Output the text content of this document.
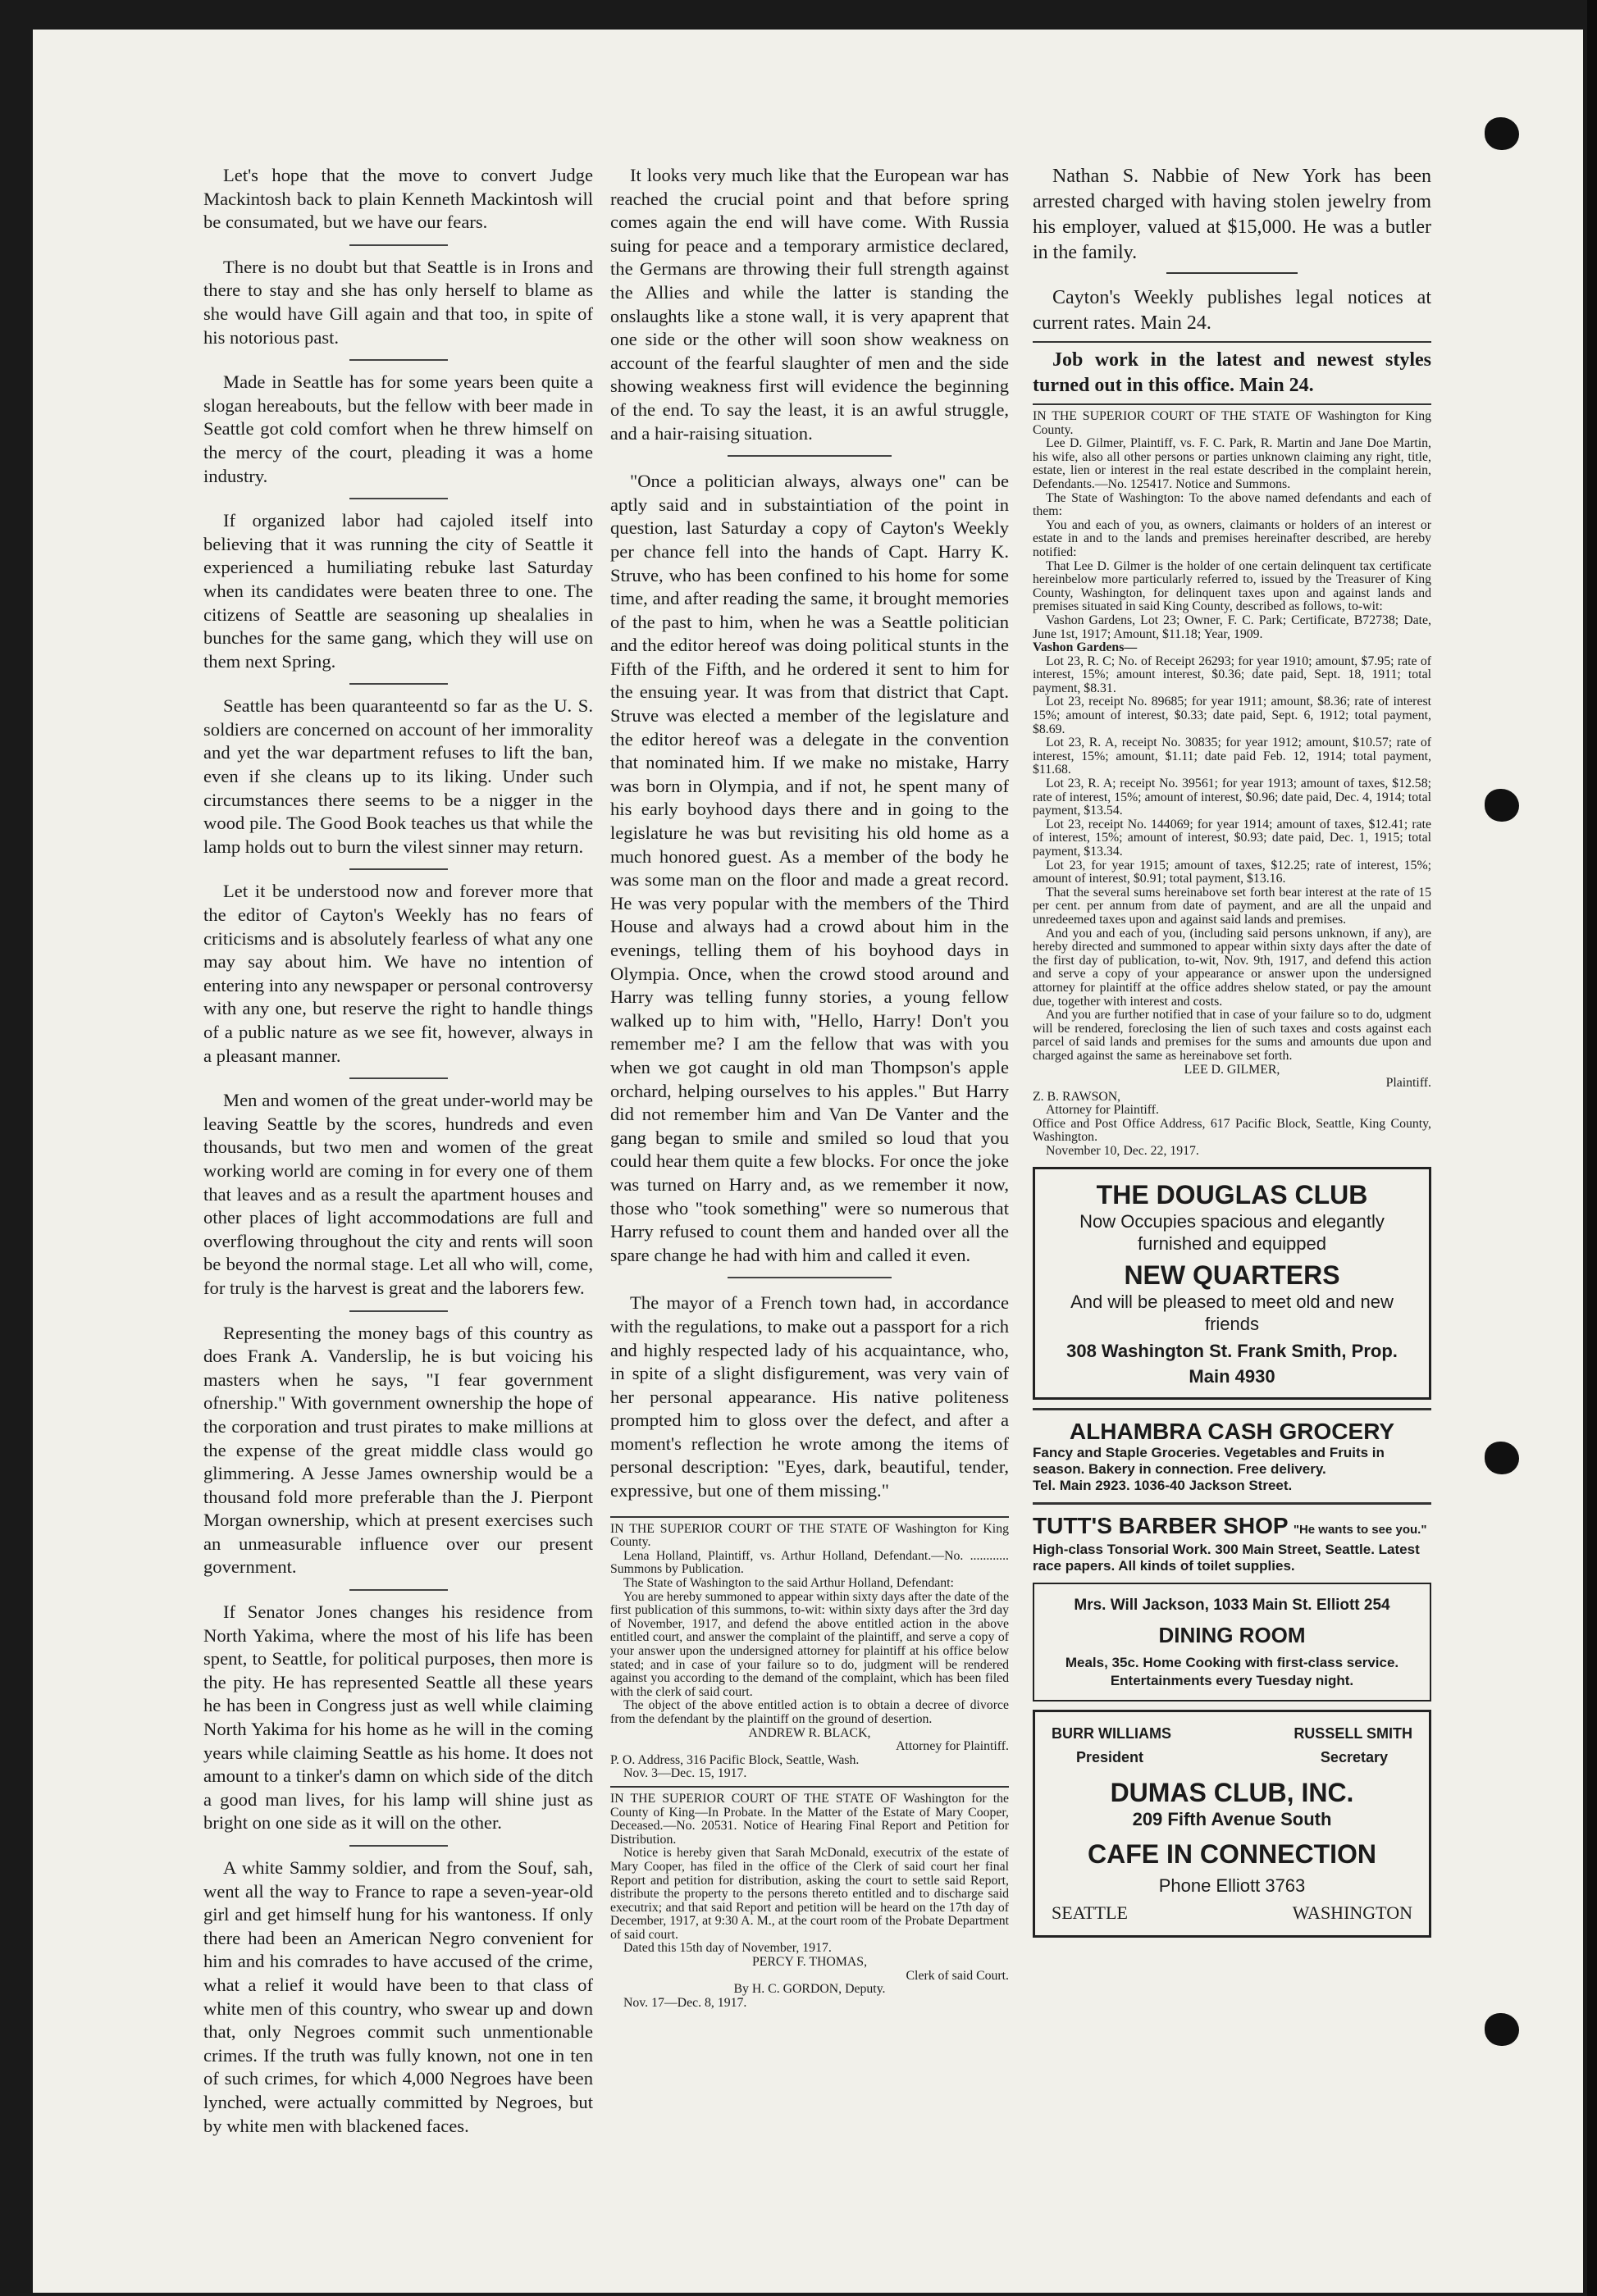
Let's hope that the move to convert Judge Mackintosh back to plain Kenneth Mackintosh will be consumated, but we have our fears.

There is no doubt but that Seattle is in Irons and there to stay and she has only herself to blame as she would have Gill again and that too, in spite of his notorious past.

Made in Seattle has for some years been quite a slogan hereabouts, but the fellow with beer made in Seattle got cold comfort when he threw himself on the mercy of the court, pleading it was a home industry.

If organized labor had cajoled itself into believing that it was running the city of Seattle it experienced a humiliating rebuke last Saturday when its candidates were beaten three to one. The citizens of Seattle are seasoning up shealalies in bunches for the same gang, which they will use on them next Spring.

Seattle has been quaranteentd so far as the U. S. soldiers are concerned on account of her immorality and yet the war department refuses to lift the ban, even if she cleans up to its liking. Under such circumstances there seems to be a nigger in the wood pile. The Good Book teaches us that while the lamp holds out to burn the vilest sinner may return.

Let it be understood now and forever more that the editor of Cayton's Weekly has no fears of criticisms and is absolutely fearless of what any one may say about him. We have no intention of entering into any newspaper or personal controversy with any one, but reserve the right to handle things of a public nature as we see fit, however, always in a pleasant manner.

Men and women of the great under-world may be leaving Seattle by the scores, hundreds and even thousands, but two men and women of the great working world are coming in for every one of them that leaves and as a result the apartment houses and other places of light accommodations are full and overflowing throughout the city and rents will soon be beyond the normal stage. Let all who will, come, for truly is the harvest is great and the laborers few.

Representing the money bags of this country as does Frank A. Vanderslip, he is but voicing his masters when he says, "I fear government ofnership." With government ownership the hope of the corporation and trust pirates to make millions at the expense of the great middle class would go glimmering. A Jesse James ownership would be a thousand fold more preferable than the J. Pierpont Morgan ownership, which at present exercises such an unmeasurable influence over our present government.

If Senator Jones changes his residence from North Yakima, where the most of his life has been spent, to Seattle, for political purposes, then more is the pity. He has represented Seattle all these years he has been in Congress just as well while claiming North Yakima for his home as he will in the coming years while claiming Seattle as his home. It does not amount to a tinker's damn on which side of the ditch a good man lives, for his lamp will shine just as bright on one side as it will on the other.

A white Sammy soldier, and from the Souf, sah, went all the way to France to rape a seven-year-old girl and get himself hung for his wantoness. If only there had been an American Negro convenient for him and his comrades to have accused of the crime, what a relief it would have been to that class of white men of this country, who swear up and down that, only Negroes commit such unmentionable crimes. If the truth was fully known, not one in ten of such crimes, for which 4,000 Negroes have been lynched, were actually committed by Negroes, but by white men with blackened faces.

It looks very much like that the European war has reached the crucial point and that before spring comes again the end will have come. With Russia suing for peace and a temporary armistice declared, the Germans are throwing their full strength against the Allies and while the latter is standing the onslaughts like a stone wall, it is very apaprent that one side or the other will soon show weakness on account of the fearful slaughter of men and the side showing weakness first will evidence the beginning of the end. To say the least, it is an awful struggle, and a hair-raising situation.

"Once a politician always, always one" can be aptly said and in substaintiation of the point in question, last Saturday a copy of Cayton's Weekly per chance fell into the hands of Capt. Harry K. Struve, who has been confined to his home for some time, and after reading the same, it brought memories of the past to him, when he was a Seattle politician and the editor hereof was doing political stunts in the Fifth of the Fifth, and he ordered it sent to him for the ensuing year. It was from that district that Capt. Struve was elected a member of the legislature and the editor hereof was a delegate in the convention that nominated him. If we make no mistake, Harry was born in Olympia, and if not, he spent many of his early boyhood days there and in going to the legislature he was but revisiting his old home as a much honored guest. As a member of the body he was some man on the floor and made a great record. He was very popular with the members of the Third House and always had a crowd about him in the evenings, telling them of his boyhood days in Olympia. Once, when the crowd stood around and Harry was telling funny stories, a young fellow walked up to him with, "Hello, Harry! Don't you remember me? I am the fellow that was with you when we got caught in old man Thompson's apple orchard, helping ourselves to his apples." But Harry did not remember him and Van De Vanter and the gang began to smile and smiled so loud that you could hear them quite a few blocks. For once the joke was turned on Harry and, as we remember it now, those who "took something" were so numerous that Harry refused to count them and handed over all the spare change he had with him and called it even.

The mayor of a French town had, in accordance with the regulations, to make out a passport for a rich and highly respected lady of his acquaintance, who, in spite of a slight disfigurement, was very vain of her personal appearance. His native politeness prompted him to gloss over the defect, and after a moment's reflection he wrote among the items of personal description: "Eyes, dark, beautiful, tender, expressive, but one of them missing."

IN THE SUPERIOR COURT OF THE STATE OF Washington for King County.

Lena Holland, Plaintiff, vs. Arthur Holland, Defendant.—No. ............ Summons by Publication.

The State of Washington to the said Arthur Holland, Defendant:

You are hereby summoned to appear within sixty days after the date of the first publication of this summons, to-wit: within sixty days after the 3rd day of November, 1917, and defend the above entitled action in the above entitled court, and answer the complaint of the plaintiff, and serve a copy of your answer upon the undersigned attorney for plaintiff at his office below stated; and in case of your failure so to do, judgment will be rendered against you according to the demand of the complaint, which has been filed with the clerk of said court.

The object of the above entitled action is to obtain a decree of divorce from the defendant by the plaintiff on the ground of desertion.

ANDREW R. BLACK,

Attorney for Plaintiff.

P. O. Address, 316 Pacific Block, Seattle, Wash.

Nov. 3—Dec. 15, 1917.

IN THE SUPERIOR COURT OF THE STATE OF Washington for the County of King—In Probate. In the Matter of the Estate of Mary Cooper, Deceased.—No. 20531. Notice of Hearing Final Report and Petition for Distribution.

Notice is hereby given that Sarah McDonald, executrix of the estate of Mary Cooper, has filed in the office of the Clerk of said court her final Report and petition for distribution, asking the court to settle said Report, distribute the property to the persons thereto entitled and to discharge said executrix; and that said Report and petition will be heard on the 17th day of December, 1917, at 9:30 A. M., at the court room of the Probate Department of said court.

Dated this 15th day of November, 1917.

PERCY F. THOMAS,

Clerk of said Court.

By H. C. GORDON, Deputy.

Nov. 17—Dec. 8, 1917.

Nathan S. Nabbie of New York has been arrested charged with having stolen jewelry from his employer, valued at $15,000. He was a butler in the family.

Cayton's Weekly publishes legal notices at current rates. Main 24.

Job work in the latest and newest styles turned out in this office. Main 24.

IN THE SUPERIOR COURT OF THE STATE OF Washington for King County.

Lee D. Gilmer, Plaintiff, vs. F. C. Park, R. Martin and Jane Doe Martin, his wife, also all other persons or parties unknown claiming any right, title, estate, lien or interest in the real estate described in the complaint herein, Defendants.—No. 125417. Notice and Summons.

The State of Washington: To the above named defendants and each of them:

You and each of you, as owners, claimants or holders of an interest or estate in and to the lands and premises hereinafter described, are hereby notified:

That Lee D. Gilmer is the holder of one certain delinquent tax certificate hereinbelow more particularly referred to, issued by the Treasurer of King County, Washington, for delinquent taxes upon and against lands and premises situated in said King County, described as follows, to-wit:

Vashon Gardens, Lot 23; Owner, F. C. Park; Certificate, B72738; Date, June 1st, 1917; Amount, $11.18; Year, 1909.

Vashon Gardens—

Lot 23, R. C; No. of Receipt 26293; for year 1910; amount, $7.95; rate of interest, 15%; amount interest, $0.36; date paid, Sept. 18, 1911; total payment, $8.31.

Lot 23, receipt No. 89685; for year 1911; amount, $8.36; rate of interest 15%; amount of interest, $0.33; date paid, Sept. 6, 1912; total payment, $8.69.

Lot 23, R. A, receipt No. 30835; for year 1912; amount, $10.57; rate of interest, 15%; amount, $1.11; date paid Feb. 12, 1914; total payment, $11.68.

Lot 23, R. A; receipt No. 39561; for year 1913; amount of taxes, $12.58; rate of interest, 15%; amount of interest, $0.96; date paid, Dec. 4, 1914; total payment, $13.54.

Lot 23, receipt No. 144069; for year 1914; amount of taxes, $12.41; rate of interest, 15%; amount of interest, $0.93; date paid, Dec. 1, 1915; total payment, $13.34.

Lot 23, for year 1915; amount of taxes, $12.25; rate of interest, 15%; amount of interest, $0.91; total payment, $13.16.

That the several sums hereinabove set forth bear interest at the rate of 15 per cent. per annum from date of payment, and are all the unpaid and unredeemed taxes upon and against said lands and premises.

And you and each of you, (including said persons unknown, if any), are hereby directed and summoned to appear within sixty days after the date of the first day of publication, to-wit, Nov. 9th, 1917, and defend this action and serve a copy of your appearance or answer upon the undersigned attorney for plaintiff at the office addres shelow stated, or pay the amount due, together with interest and costs.

And you are further notified that in case of your failure so to do, udgment will be rendered, foreclosing the lien of such taxes and costs against each parcel of said lands and premises for the sums and amounts due upon and charged against the same as hereinabove set forth.

LEE D. GILMER,

Plaintiff.

Z. B. RAWSON,

Attorney for Plaintiff.

Office and Post Office Address, 617 Pacific Block, Seattle, King County, Washington.

November 10, Dec. 22, 1917.

THE DOUGLAS CLUB
Now Occupies spacious and elegantly furnished and equipped
NEW QUARTERS
And will be pleased to meet old and new friends
308 Washington St. Frank Smith, Prop.
Main 4930
ALHAMBRA CASH GROCERY
Fancy and Staple Groceries. Vegetables and Fruits in season. Bakery in connection. Free delivery.
Tel. Main 2923. 1036-40 Jackson Street.
TUTT'S BARBER SHOP "He wants to see you."
High-class Tonsorial Work. 300 Main Street, Seattle. Latest race papers. All kinds of toilet supplies.
Mrs. Will Jackson, 1033 Main St. Elliott 254
DINING ROOM
Meals, 35c. Home Cooking with first-class service. Entertainments every Tuesday night.
BURR WILLIAMS	RUSSELL SMITH
President	Secretary
DUMAS CLUB, INC.
209 Fifth Avenue South
CAFE IN CONNECTION
Phone Elliott 3763
SEATTLE	WASHINGTON
